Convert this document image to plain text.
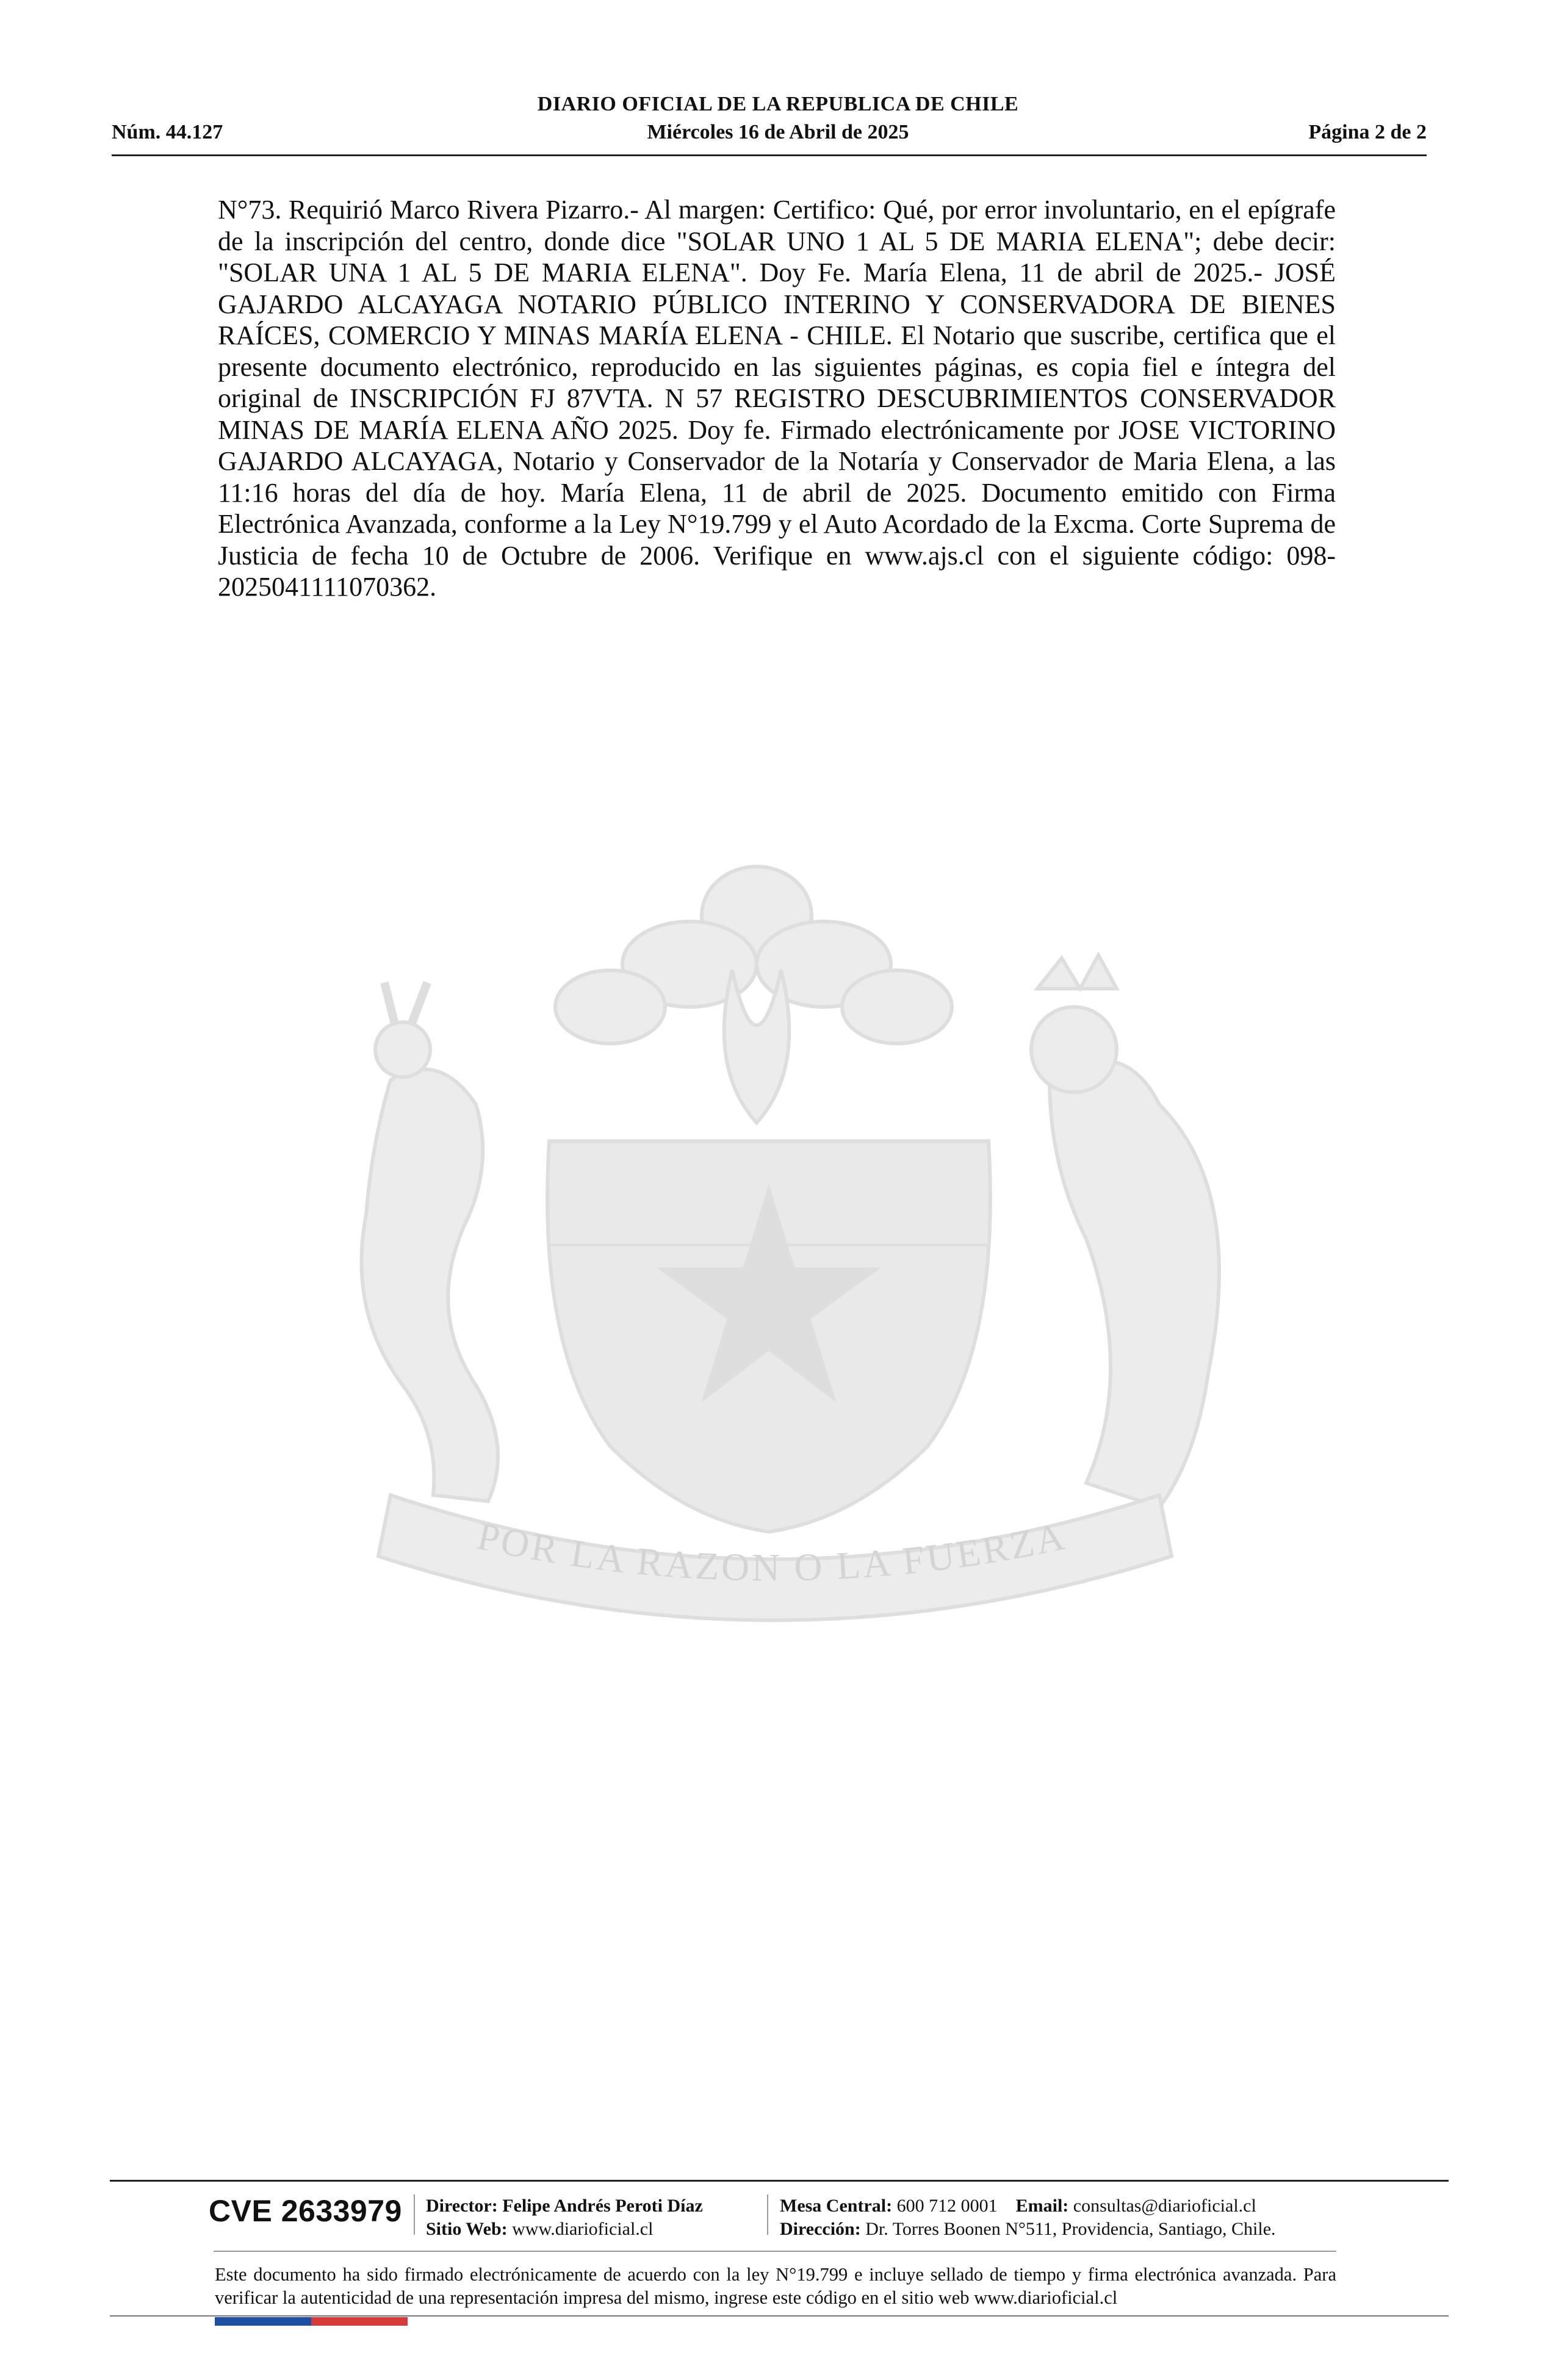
DIARIO OFICIAL DE LA REPUBLICA DE CHILE
Núm. 44.127	Miércoles 16 de Abril de 2025	Página 2 de 2

N°73. Requirió Marco Rivera Pizarro.- Al margen: Certifico: Qué, por error involuntario, en el epígrafe de la inscripción del centro, donde dice "SOLAR UNO 1 AL 5 DE MARIA ELENA"; debe decir: "SOLAR UNA 1 AL 5 DE MARIA ELENA". Doy Fe. María Elena, 11 de abril de 2025.- JOSÉ GAJARDO ALCAYAGA NOTARIO PÚBLICO INTERINO Y CONSERVADORA DE BIENES RAÍCES, COMERCIO Y MINAS MARÍA ELENA - CHILE. El Notario que suscribe, certifica que el presente documento electrónico, reproducido en las siguientes páginas, es copia fiel e íntegra del original de INSCRIPCIÓN FJ 87VTA. N 57 REGISTRO DESCUBRIMIENTOS CONSERVADOR MINAS DE MARÍA ELENA AÑO 2025. Doy fe. Firmado electrónicamente por JOSE VICTORINO GAJARDO ALCAYAGA, Notario y Conservador de la Notaría y Conservador de Maria Elena, a las 11:16 horas del día de hoy. María Elena, 11 de abril de 2025. Documento emitido con Firma Electrónica Avanzada, conforme a la Ley N°19.799 y el Auto Acordado de la Excma. Corte Suprema de Justicia de fecha 10 de Octubre de 2006. Verifique en www.ajs.cl con el siguiente código: 098-2025041111070362.

POR LA RAZON O LA FUERZA
CVE 2633979 Director: Felipe Andrés Peroti Díaz
Sitio Web: www.diarioficial.cl
Mesa Central: 600 712 0001 Email: consultas@diarioficial.cl
Dirección: Dr. Torres Boonen N°511, Providencia, Santiago, Chile.
Este documento ha sido firmado electrónicamente de acuerdo con la ley N°19.799 e incluye sellado de tiempo y firma electrónica avanzada. Para verificar la autenticidad de una representación impresa del mismo, ingrese este código en el sitio web www.diarioficial.cl
